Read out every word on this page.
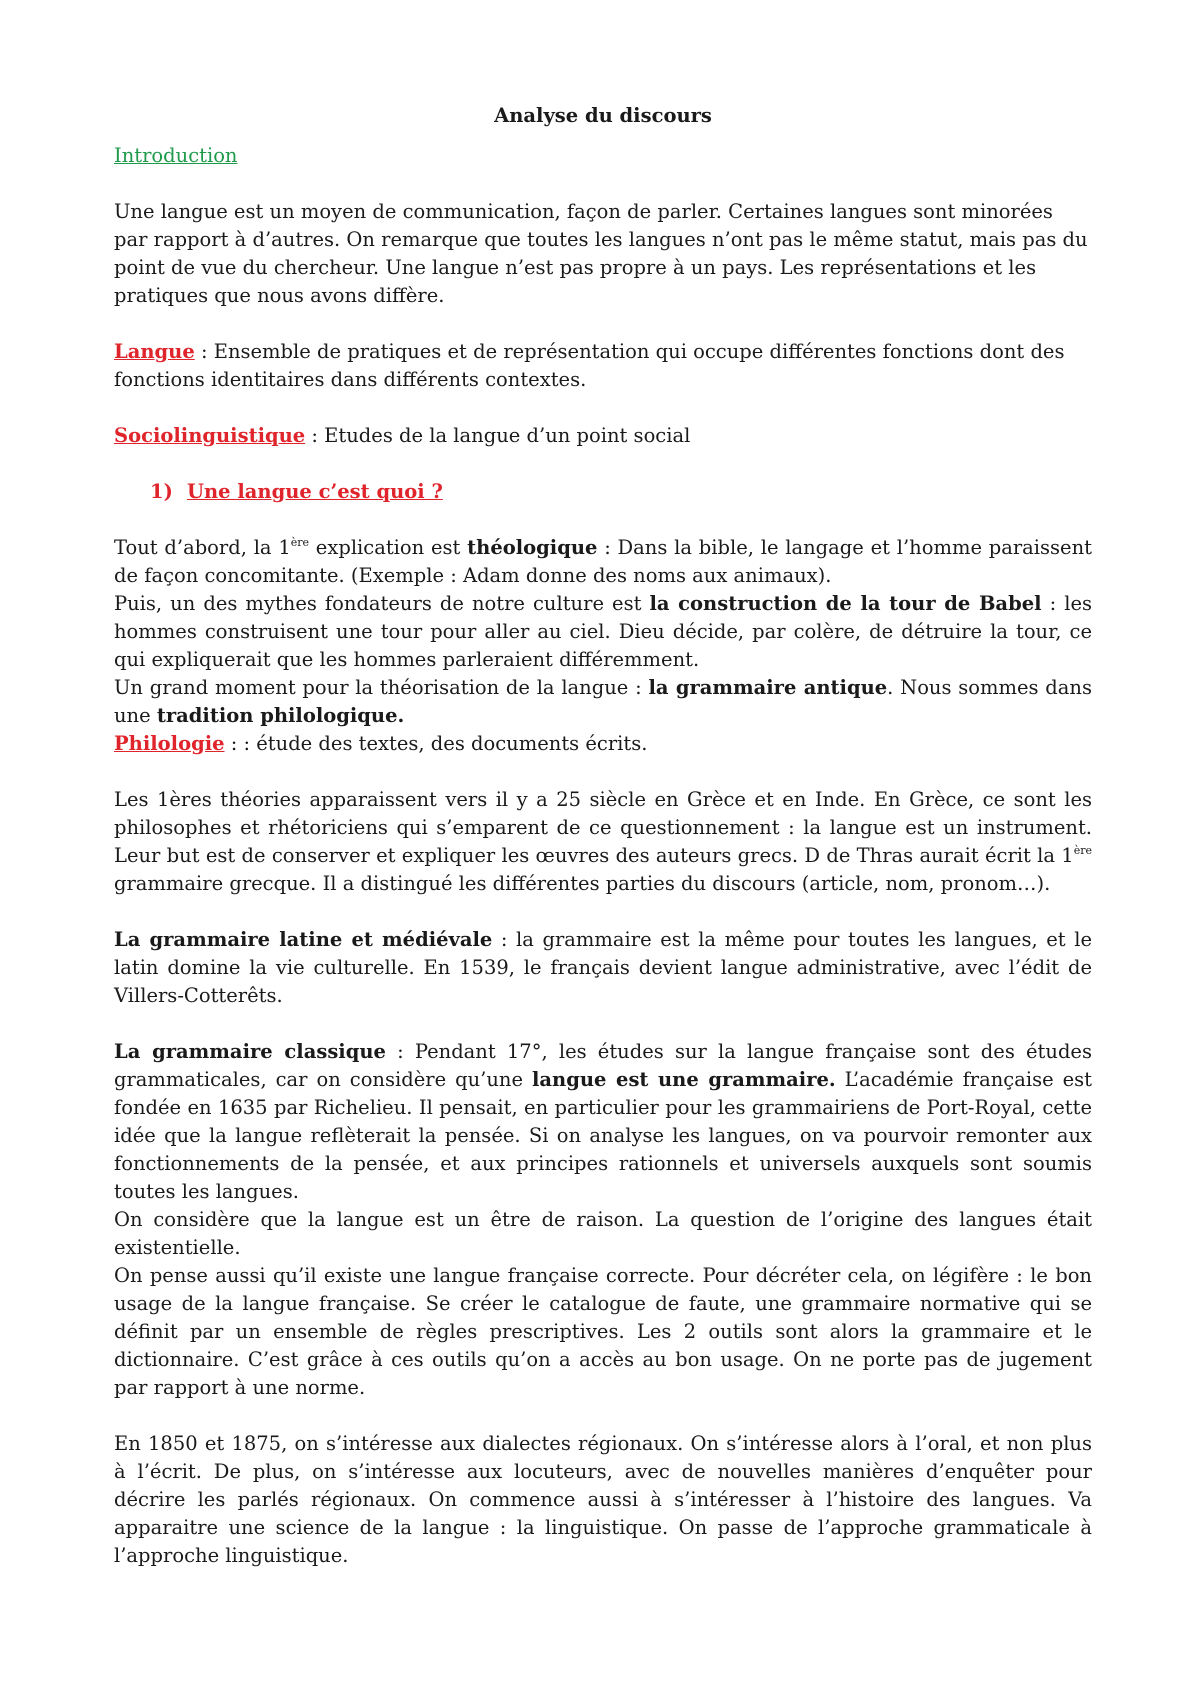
Analyse du discours

Introduction

Une langue est un moyen de communication, façon de parler. Certaines langues sont minorées par rapport à d’autres. On remarque que toutes les langues n’ont pas le même statut, mais pas du point de vue du chercheur. Une langue n’est pas propre à un pays. Les représentations et les pratiques que nous avons diffère.

Langue : Ensemble de pratiques et de représentation qui occupe différentes fonctions dont des fonctions identitaires dans différents contextes.

Sociolinguistique : Etudes de la langue d’un point social

1) Une langue c’est quoi ?

Tout d’abord, la 1ère explication est théologique : Dans la bible, le langage et l’homme paraissent de façon concomitante. (Exemple : Adam donne des noms aux animaux).

Puis, un des mythes fondateurs de notre culture est la construction de la tour de Babel : les hommes construisent une tour pour aller au ciel. Dieu décide, par colère, de détruire la tour, ce qui expliquerait que les hommes parleraient différemment.

Un grand moment pour la théorisation de la langue : la grammaire antique. Nous sommes dans une tradition philologique.

Philologie : : étude des textes, des documents écrits.

Les 1ères théories apparaissent vers il y a 25 siècle en Grèce et en Inde. En Grèce, ce sont les philosophes et rhétoriciens qui s’emparent de ce questionnement : la langue est un instrument. Leur but est de conserver et expliquer les œuvres des auteurs grecs. D de Thras aurait écrit la 1ère grammaire grecque. Il a distingué les différentes parties du discours (article, nom, pronom…).

La grammaire latine et médiévale : la grammaire est la même pour toutes les langues, et le latin domine la vie culturelle. En 1539, le français devient langue administrative, avec l’édit de Villers-Cotterêts.

La grammaire classique : Pendant 17°, les études sur la langue française sont des études grammaticales, car on considère qu’une langue est une grammaire. L’académie française est fondée en 1635 par Richelieu. Il pensait, en particulier pour les grammairiens de Port-Royal, cette idée que la langue reflèterait la pensée. Si on analyse les langues, on va pourvoir remonter aux fonctionnements de la pensée, et aux principes rationnels et universels auxquels sont soumis toutes les langues.

On considère que la langue est un être de raison. La question de l’origine des langues était existentielle.

On pense aussi qu’il existe une langue française correcte. Pour décréter cela, on légifère : le bon usage de la langue française. Se créer le catalogue de faute, une grammaire normative qui se définit par un ensemble de règles prescriptives. Les 2 outils sont alors la grammaire et le dictionnaire. C’est grâce à ces outils qu’on a accès au bon usage. On ne porte pas de jugement par rapport à une norme.

En 1850 et 1875, on s’intéresse aux dialectes régionaux. On s’intéresse alors à l’oral, et non plus à l’écrit. De plus, on s’intéresse aux locuteurs, avec de nouvelles manières d’enquêter pour décrire les parlés régionaux. On commence aussi à s’intéresser à l’histoire des langues. Va apparaitre une science de la langue : la linguistique. On passe de l’approche grammaticale à l’approche linguistique.
